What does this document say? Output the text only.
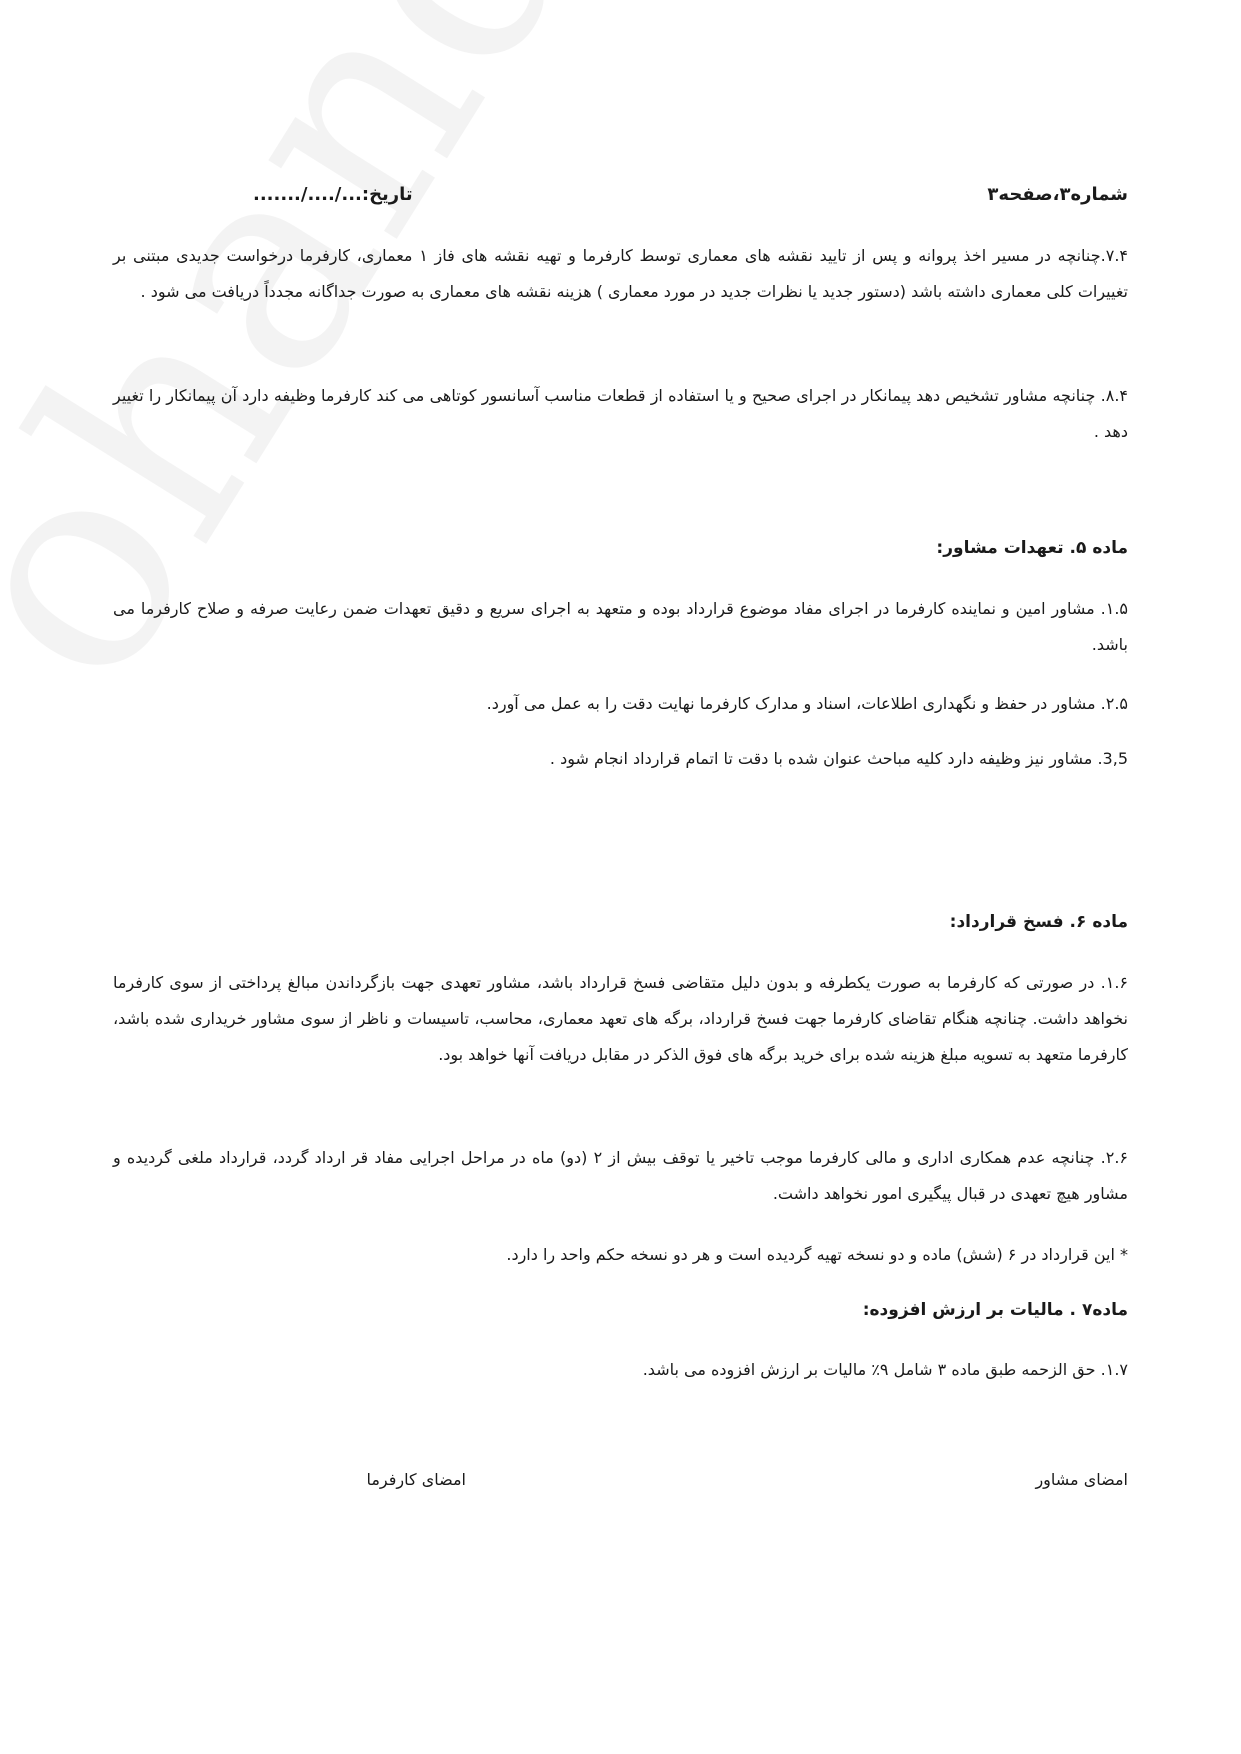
شماره۳،صفحه۳
تاریخ:.../..../.......
۷.۴.چنانچه در مسیر اخذ پروانه و پس از تایید نقشه های معماری توسط کارفرما و تهیه نقشه های فاز ۱ معماری، کارفرما درخواست جدیدی مبتنی بر تغییرات کلی معماری داشته باشد (دستور جدید یا نظرات جدید در مورد معماری ) هزینه نقشه های معماری به صورت جداگانه مجدداً دریافت می شود .
۸.۴. چنانچه مشاور تشخیص دهد پیمانکار در اجرای صحیح و یا استفاده از قطعات مناسب آسانسور کوتاهی می کند کارفرما وظیفه دارد آن پیمانکار را تغییر دهد .
ماده ۵. تعهدات مشاور:
۱.۵. مشاور امین و نماینده کارفرما در اجرای مفاد موضوع قرارداد بوده و متعهد به اجرای سریع و دقیق تعهدات ضمن رعایت صرفه و صلاح کارفرما می باشد.
۲.۵. مشاور در حفظ و نگهداری اطلاعات، اسناد و مدارک کارفرما نهایت دقت را به عمل می آورد.
3,5. مشاور نیز وظیفه دارد کلیه مباحث عنوان شده با دقت تا اتمام قرارداد انجام شود .
ماده ۶. فسخ قرارداد:
۱.۶. در صورتی که کارفرما به صورت یکطرفه و بدون دلیل متقاضی فسخ قرارداد باشد، مشاور تعهدی جهت بازگرداندن مبالغ پرداختی از سوی کارفرما نخواهد داشت. چنانچه هنگام تقاضای کارفرما جهت فسخ قرارداد، برگه های تعهد معماری، محاسب، تاسیسات و ناظر از سوی مشاور خریداری شده باشد، کارفرما متعهد به تسویه مبلغ هزینه شده برای خرید برگه های فوق الذکر در مقابل دریافت آنها خواهد بود.
۲.۶. چنانچه عدم همکاری اداری و مالی کارفرما موجب تاخیر یا توقف بیش از ۲ (دو) ماه در مراحل اجرایی مفاد قر ارداد گردد، قرارداد ملغی گردیده و مشاور هیچ تعهدی در قبال پیگیری امور نخواهد داشت.
* این قرارداد در ۶ (شش) ماده و دو نسخه تهیه گردیده است و هر دو نسخه حکم واحد را دارد.
ماده۷ . مالیات بر ارزش افزوده:
۱.۷. حق الزحمه طبق ماده ۳ شامل ۹٪ مالیات بر ارزش افزوده می باشد.
امضای مشاور
امضای کارفرما
